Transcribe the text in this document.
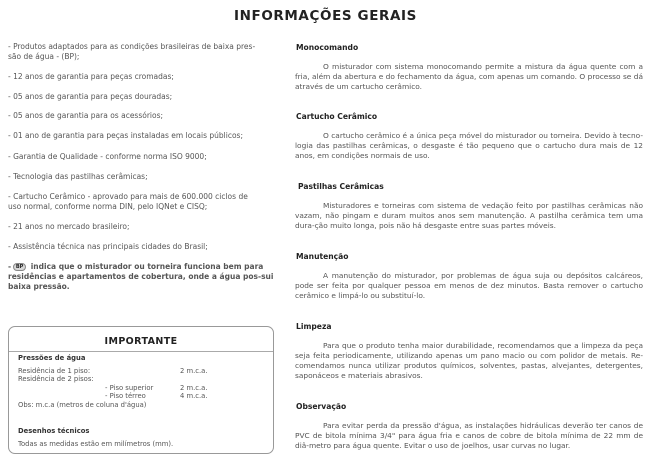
INFORMAÇÕES GERAIS

- Produtos adaptados para as condições brasileiras de baixa pres-
são de água - (BP);

- 12 anos de garantia para peças cromadas;

- 05 anos de garantia para peças douradas;

- 05 anos de garantia para os acessórios;

- 01 ano de garantia para peças instaladas em locais públicos;

- Garantia de Qualidade - conforme norma ISO 9000;

- Tecnologia das pastilhas cerâmicas;

- Cartucho Cerâmico - aprovado para mais de 600.000 ciclos de
uso normal, conforme norma DIN, pelo IQNet e CISQ;

- 21 anos no mercado brasileiro;

- Assistência técnica nas principais cidades do Brasil;

- BP indica que o misturador ou torneira funciona bem para residências e apartamentos de cobertura, onde a água pos-sui baixa pressão.

IMPORTANTE
Pressões de água
Residência de 1 piso:	2 m.c.a.
Residência de 2 pisos:
- Piso superior	2 m.c.a.
- Piso térreo	4 m.c.a.
Obs: m.c.a (metros de coluna d'água)
Desenhos técnicos
Todas as medidas estão em milímetros (mm).
Monocomando
O misturador com sistema monocomando permite a mistura da água quente com a fria, além da abertura e do fechamento da água, com apenas um comando. O processo se dá através de um cartucho cerâmico.
Cartucho Cerâmico
O cartucho cerâmico é a única peça móvel do misturador ou torneira. Devido à tecno-logia das pastilhas cerâmicas, o desgaste é tão pequeno que o cartucho dura mais de 12 anos, em condições normais de uso.
Pastilhas Cerâmicas
Misturadores e torneiras com sistema de vedação feito por pastilhas cerâmicas não vazam, não pingam e duram muitos anos sem manutenção. A pastilha cerâmica tem uma dura-ção muito longa, pois não há desgaste entre suas partes móveis.
Manutenção
A manutenção do misturador, por problemas de água suja ou depósitos calcáreos, pode ser feita por qualquer pessoa em menos de dez minutos. Basta remover o cartucho cerâmico e limpá-lo ou substituí-lo.
Limpeza
Para que o produto tenha maior durabilidade, recomendamos que a limpeza da peça seja feita periodicamente, utilizando apenas um pano macio ou com polidor de metais. Re-comendamos nunca utilizar produtos químicos, solventes, pastas, alvejantes, detergentes, saponáceos e materiais abrasivos.
Observação
Para evitar perda da pressão d'água, as instalações hidráulicas deverão ter canos de PVC de bitola mínima 3/4" para água fria e canos de cobre de bitola mínima de 22 mm de diâ-metro para água quente. Evitar o uso de joelhos, usar curvas no lugar.
